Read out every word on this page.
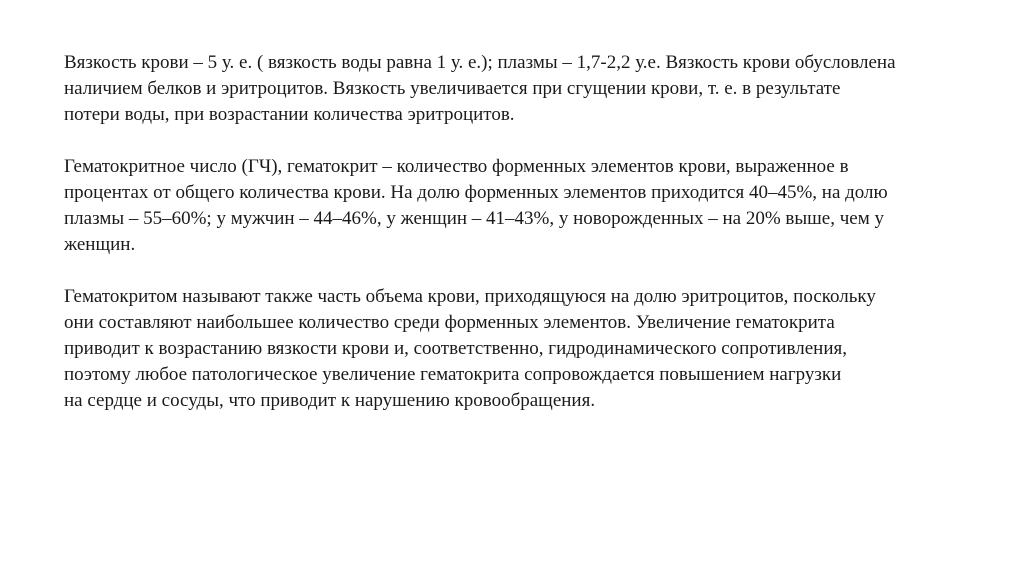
Вязкость крови – 5 у. е. ( вязкость воды равна 1 у. е.); плазмы – 1,7-2,2 у.е. Вязкость крови обусловлена
наличием белков и эритроцитов. Вязкость увеличивается при сгущении крови, т. е. в результате
потери воды, при возрастании количества эритроцитов.

Гематокритное число (ГЧ), гематокрит – количество форменных элементов крови, выраженное в
процентах от общего количества крови. На долю форменных элементов приходится 40–45%, на долю
плазмы – 55–60%; у мужчин – 44–46%, у женщин – 41–43%, у новорожденных – на 20% выше, чем у
женщин.

Гематокритом называют также часть объема крови, приходящуюся на долю эритроцитов, поскольку
они составляют наибольшее количество среди форменных элементов. Увеличение гематокрита
приводит к возрастанию вязкости крови и, соответственно, гидродинамического сопротивления,
поэтому любое патологическое увеличение гематокрита сопровождается повышением нагрузки
на сердце и сосуды, что приводит к нарушению кровообращения.
